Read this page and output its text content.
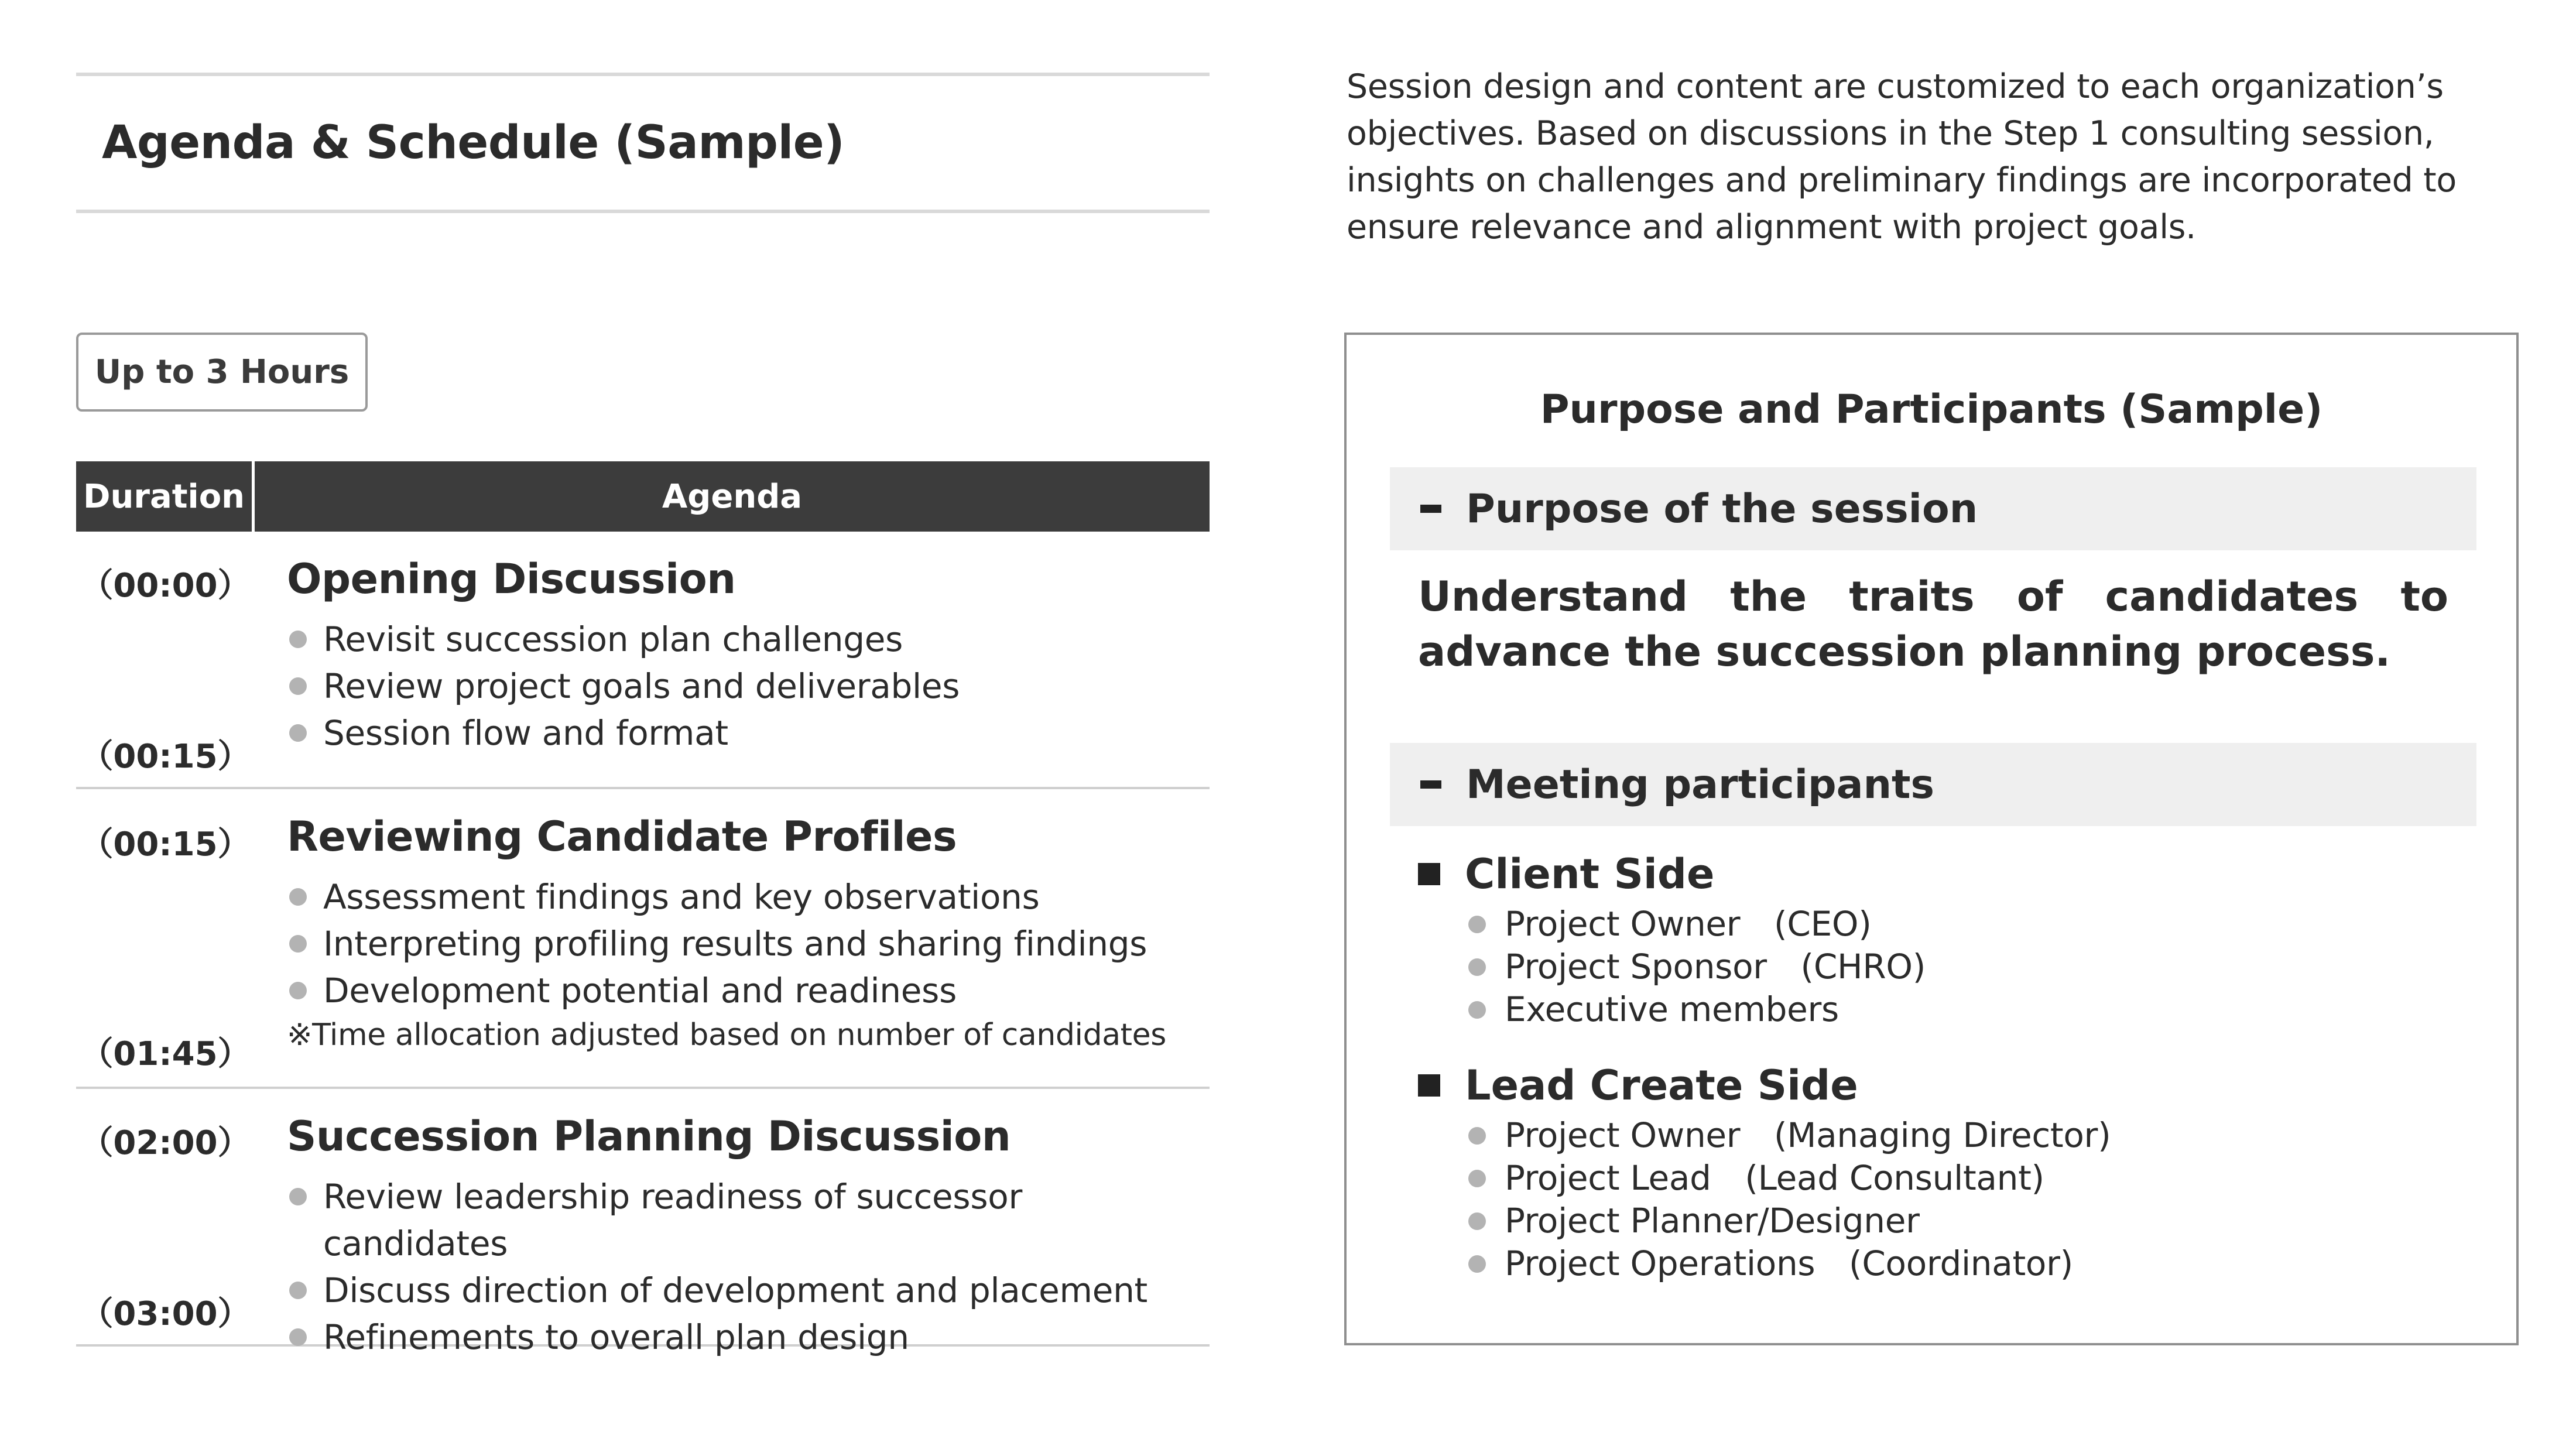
Agenda & Schedule (Sample)

Session design and content are customized to each organization’s objectives. Based on discussions in the Step 1 consulting session, insights on challenges and preliminary findings are incorporated to ensure relevance and alignment with project goals.

Up to 3 Hours
Duration	Agenda
（00:00）
（00:15）
Opening Discussion
Revisit succession plan challenges
Review project goals and deliverables
Session flow and format
（00:15）
（01:45）
Reviewing Candidate Profiles
Assessment findings and key observations
Interpreting profiling results and sharing findings
Development potential and readiness
※Time allocation adjusted based on number of candidates
（02:00）
（03:00）
Succession Planning Discussion
Review leadership readiness of successor candidates
Discuss direction of development and placement
Refinements to overall plan design
Purpose and Participants (Sample)
Purpose of the session
Understand the traits of candidates to advance the succession planning process.
Meeting participants
Client Side
Project Owner　(CEO)
Project Sponsor　(CHRO)
Executive members
Lead Create Side
Project Owner　(Managing Director)
Project Lead　(Lead Consultant)
Project Planner/Designer
Project Operations　(Coordinator)
